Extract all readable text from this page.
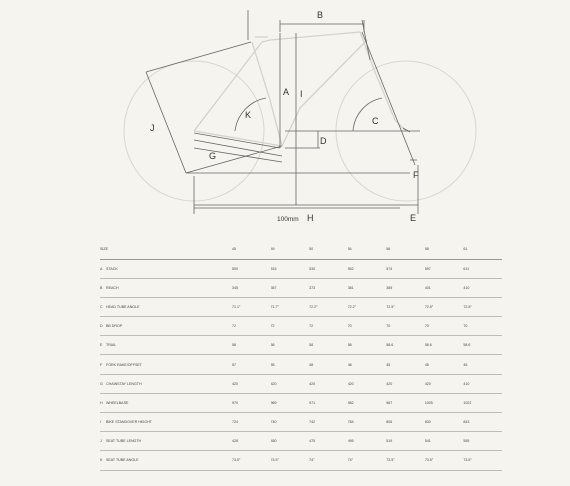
A
B
C
D
E
F
G
H
I
J
K
100mm
SIZE	45	49	50	54	56	58	61
A STACK	500	515	530	552	574	597	611
B REACH	345	357	373	381	389	401	410
C HEAD TUBE ANGLE	71.1°	71.7°	72.2°	72.2°	72.5°	72.5°	72.8°
D BB DROP	72	72	72	70	70	70	70
E TRAIL	58	58	58	58	58.6	58.6	58.6
F FORK RAKE/OFFSET	57	55	48	48	45	45	45
G CHAINSTAY LENGTH	420	420	420	420	420	420	410
H WHEELBASE	970	969	971	982	987	1005	1022
I BIKE STANDOVER HEIGHT	724	740	742	784	805	830	843
J SEAT TUBE LENGTH	428	450	475	495	519	541	555
K SEAT TUBE ANGLE	73.5°	74.5°	74°	74°	73.5°	73.5°	73.5°
